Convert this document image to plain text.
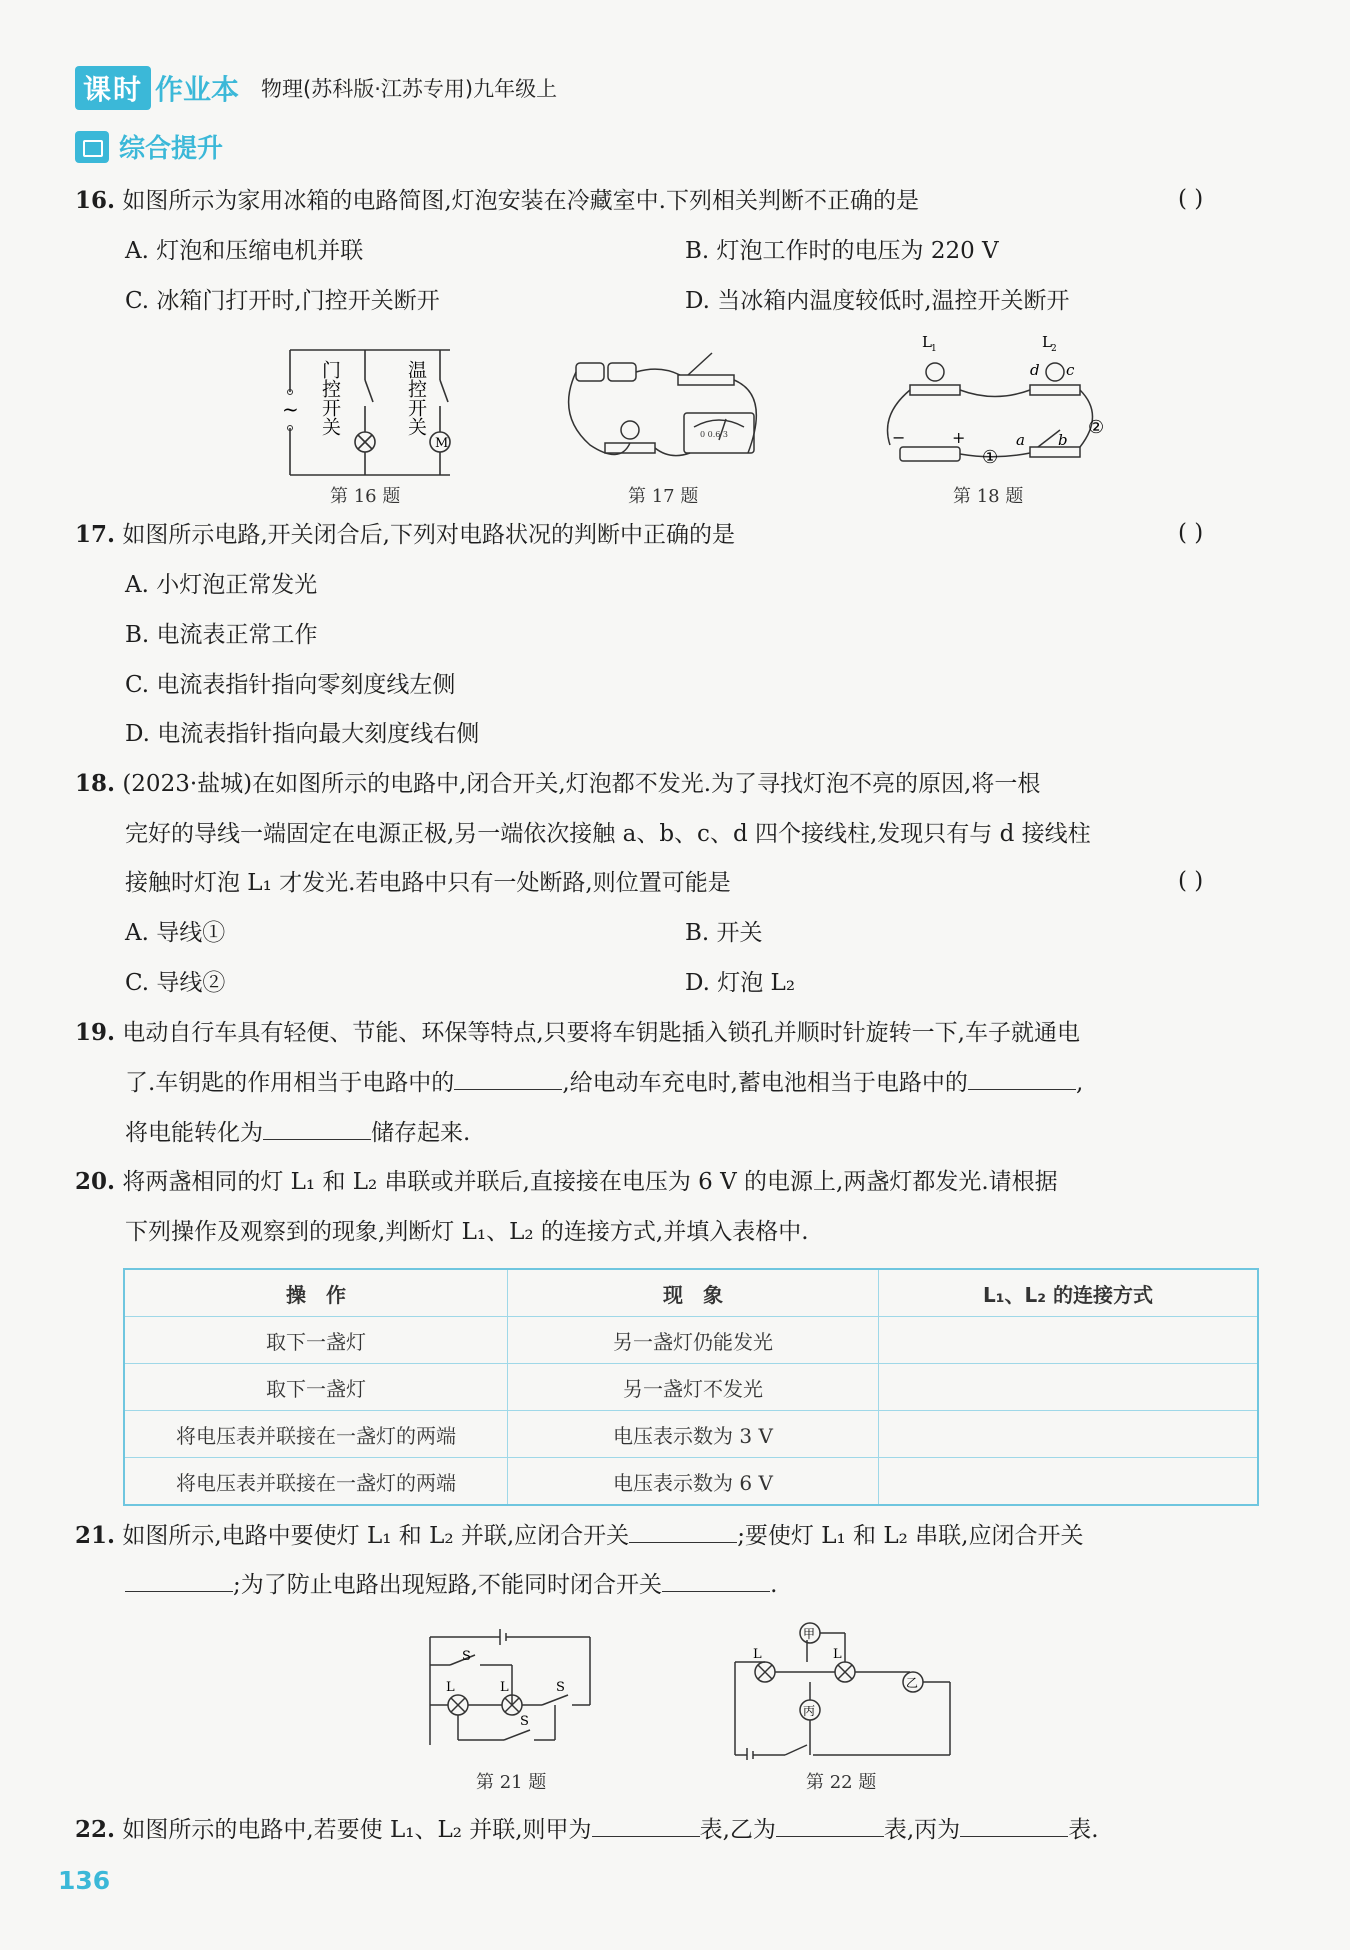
课时 作业本 物理(苏科版·江苏专用)九年级上
综合提升
16. 如图所示为家用冰箱的电路简图,灯泡安装在冷藏室中.下列相关判断不正确的是	( )
A. 灯泡和压缩电机并联	B. 灯泡工作时的电压为 220 V
C. 冰箱门打开时,门控开关断开	D. 当冰箱内温度较低时,温控开关断开
~
M
门控开关	温控开关
第 16 题
0 0.6 3
第 17 题
L 1	L 2
d c
a b
①
②
−	+
第 18 题
17. 如图所示电路,开关闭合后,下列对电路状况的判断中正确的是	( )
A. 小灯泡正常发光
B. 电流表正常工作
C. 电流表指针指向零刻度线左侧
D. 电流表指针指向最大刻度线右侧
18. (2023·盐城)在如图所示的电路中,闭合开关,灯泡都不发光.为了寻找灯泡不亮的原因,将一根
完好的导线一端固定在电源正极,另一端依次接触 a、b、c、d 四个接线柱,发现只有与 d 接线柱
接触时灯泡 L₁ 才发光.若电路中只有一处断路,则位置可能是	( )
A. 导线①	B. 开关
C. 导线②	D. 灯泡 L₂
19. 电动自行车具有轻便、节能、环保等特点,只要将车钥匙插入锁孔并顺时针旋转一下,车子就通电
了.车钥匙的作用相当于电路中的	,给电动车充电时,蓄电池相当于电路中的	,
将电能转化为	储存起来.
20. 将两盏相同的灯 L₁ 和 L₂ 串联或并联后,直接接在电压为 6 V 的电源上,两盏灯都发光.请根据
下列操作及观察到的现象,判断灯 L₁、L₂ 的连接方式,并填入表格中.
操　作	现　象	L₁、L₂ 的连接方式
取下一盏灯	另一盏灯仍能发光	
取下一盏灯	另一盏灯不发光	
将电压表并联接在一盏灯的两端	电压表示数为 3 V	
将电压表并联接在一盏灯的两端	电压表示数为 6 V	
21. 如图所示,电路中要使灯 L₁ 和 L₂ 并联,应闭合开关	;要使灯 L₁ 和 L₂ 串联,应闭合开关
;为了防止电路出现短路,不能同时闭合开关	.
S
L	L	S
S
第 21 题
甲
乙
丙
L	L
第 22 题
22. 如图所示的电路中,若要使 L₁、L₂ 并联,则甲为	表,乙为	表,丙为	表.
136
